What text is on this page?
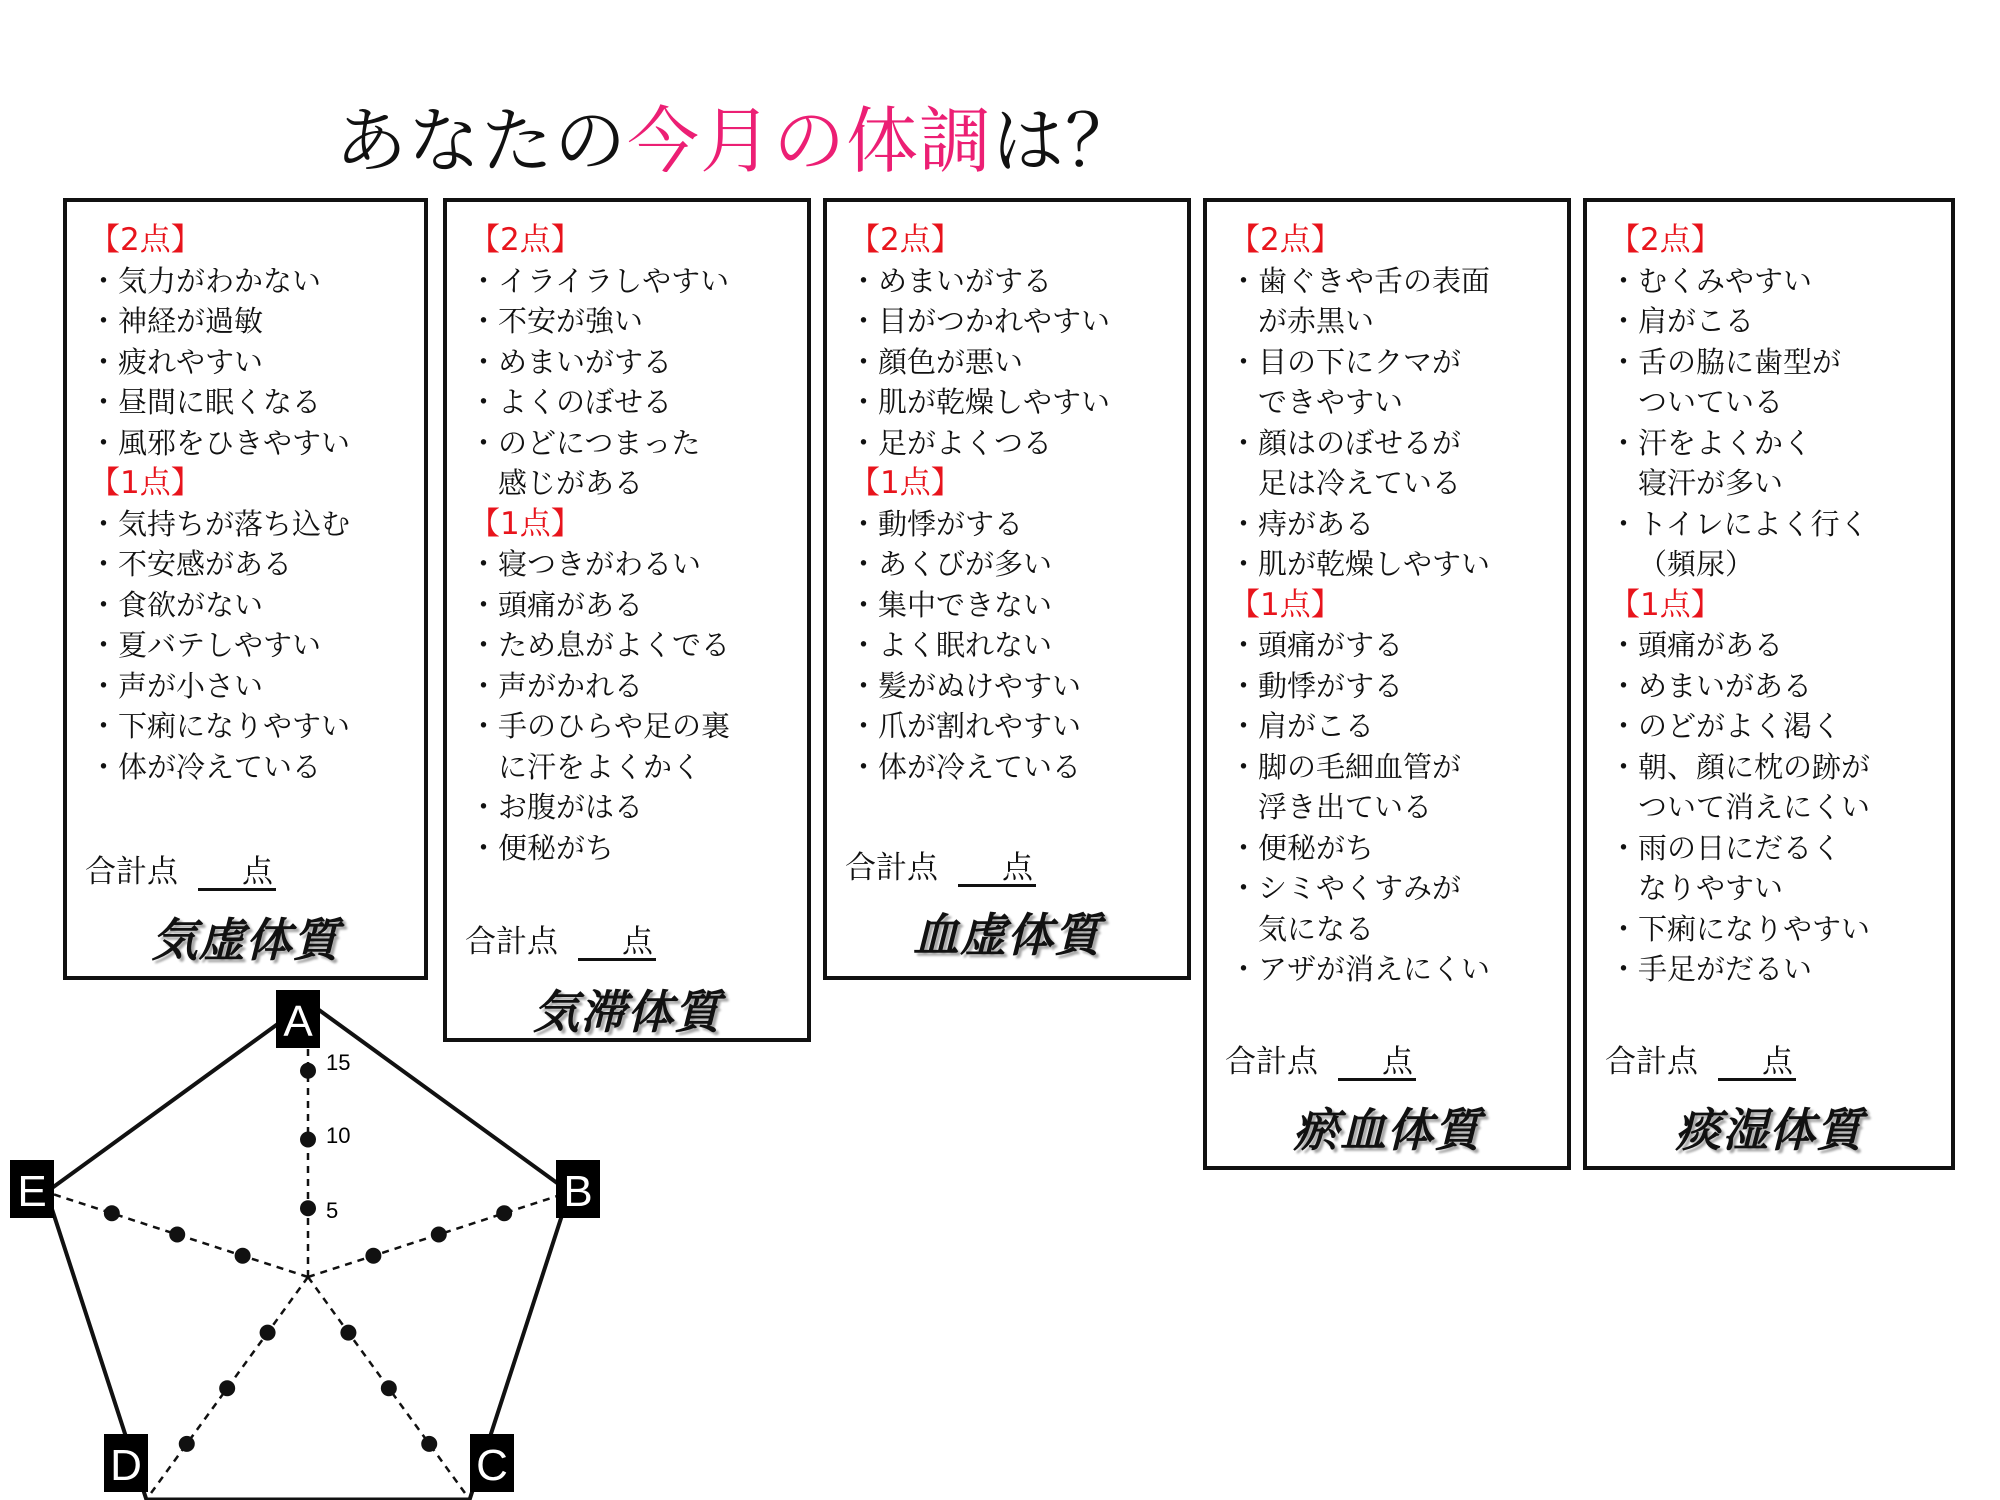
あなたの今月の体調は？
【2点】
・ 気力がわかない
・ 神経が過敏
・ 疲れやすい
・ 昼間に眠くなる
・ 風邪をひきやすい
【1点】
・ 気持ちが落ち込む
・ 不安感がある
・ 食欲がない
・ 夏バテしやすい
・ 声が小さい
・ 下痢になりやすい
・ 体が冷えている
合計点 点
気虚体質
【2点】
・ イライラしやすい
・ 不安が強い
・ めまいがする
・ よくのぼせる
・ のどにつまった
感じがある
【1点】
・ 寝つきがわるい
・ 頭痛がある
・ ため息がよくでる
・ 声がかれる
・ 手のひらや足の裏
に汗をよくかく
・ お腹がはる
・ 便秘がち
合計点 点
気滞体質
【2点】
・ めまいがする
・ 目がつかれやすい
・ 顔色が悪い
・ 肌が乾燥しやすい
・ 足がよくつる
【1点】
・ 動悸がする
・ あくびが多い
・ 集中できない
・ よく眠れない
・ 髪がぬけやすい
・ 爪が割れやすい
・ 体が冷えている
合計点 点
血虚体質
【2点】
・ 歯ぐきや舌の表面
が赤黒い
・ 目の下にクマが
できやすい
・ 顔はのぼせるが
足は冷えている
・ 痔がある
・ 肌が乾燥しやすい
【1点】
・ 頭痛がする
・ 動悸がする
・ 肩がこる
・ 脚の毛細血管が
浮き出ている
・ 便秘がち
・ シミやくすみが
気になる
・ アザが消えにくい
合計点 点
瘀血体質
【2点】
・ むくみやすい
・ 肩がこる
・ 舌の脇に歯型が
ついている
・ 汗をよくかく
寝汗が多い
・ トイレによく行く
（頻尿）
【1点】
・ 頭痛がある
・ めまいがある
・ のどがよく渇く
・ 朝、顔に枕の跡が
ついて消えにくい
・ 雨の日にだるく
なりやすい
・ 下痢になりやすい
・ 手足がだるい
合計点 点
痰湿体質
5
10
15
A
B
C
D
E
